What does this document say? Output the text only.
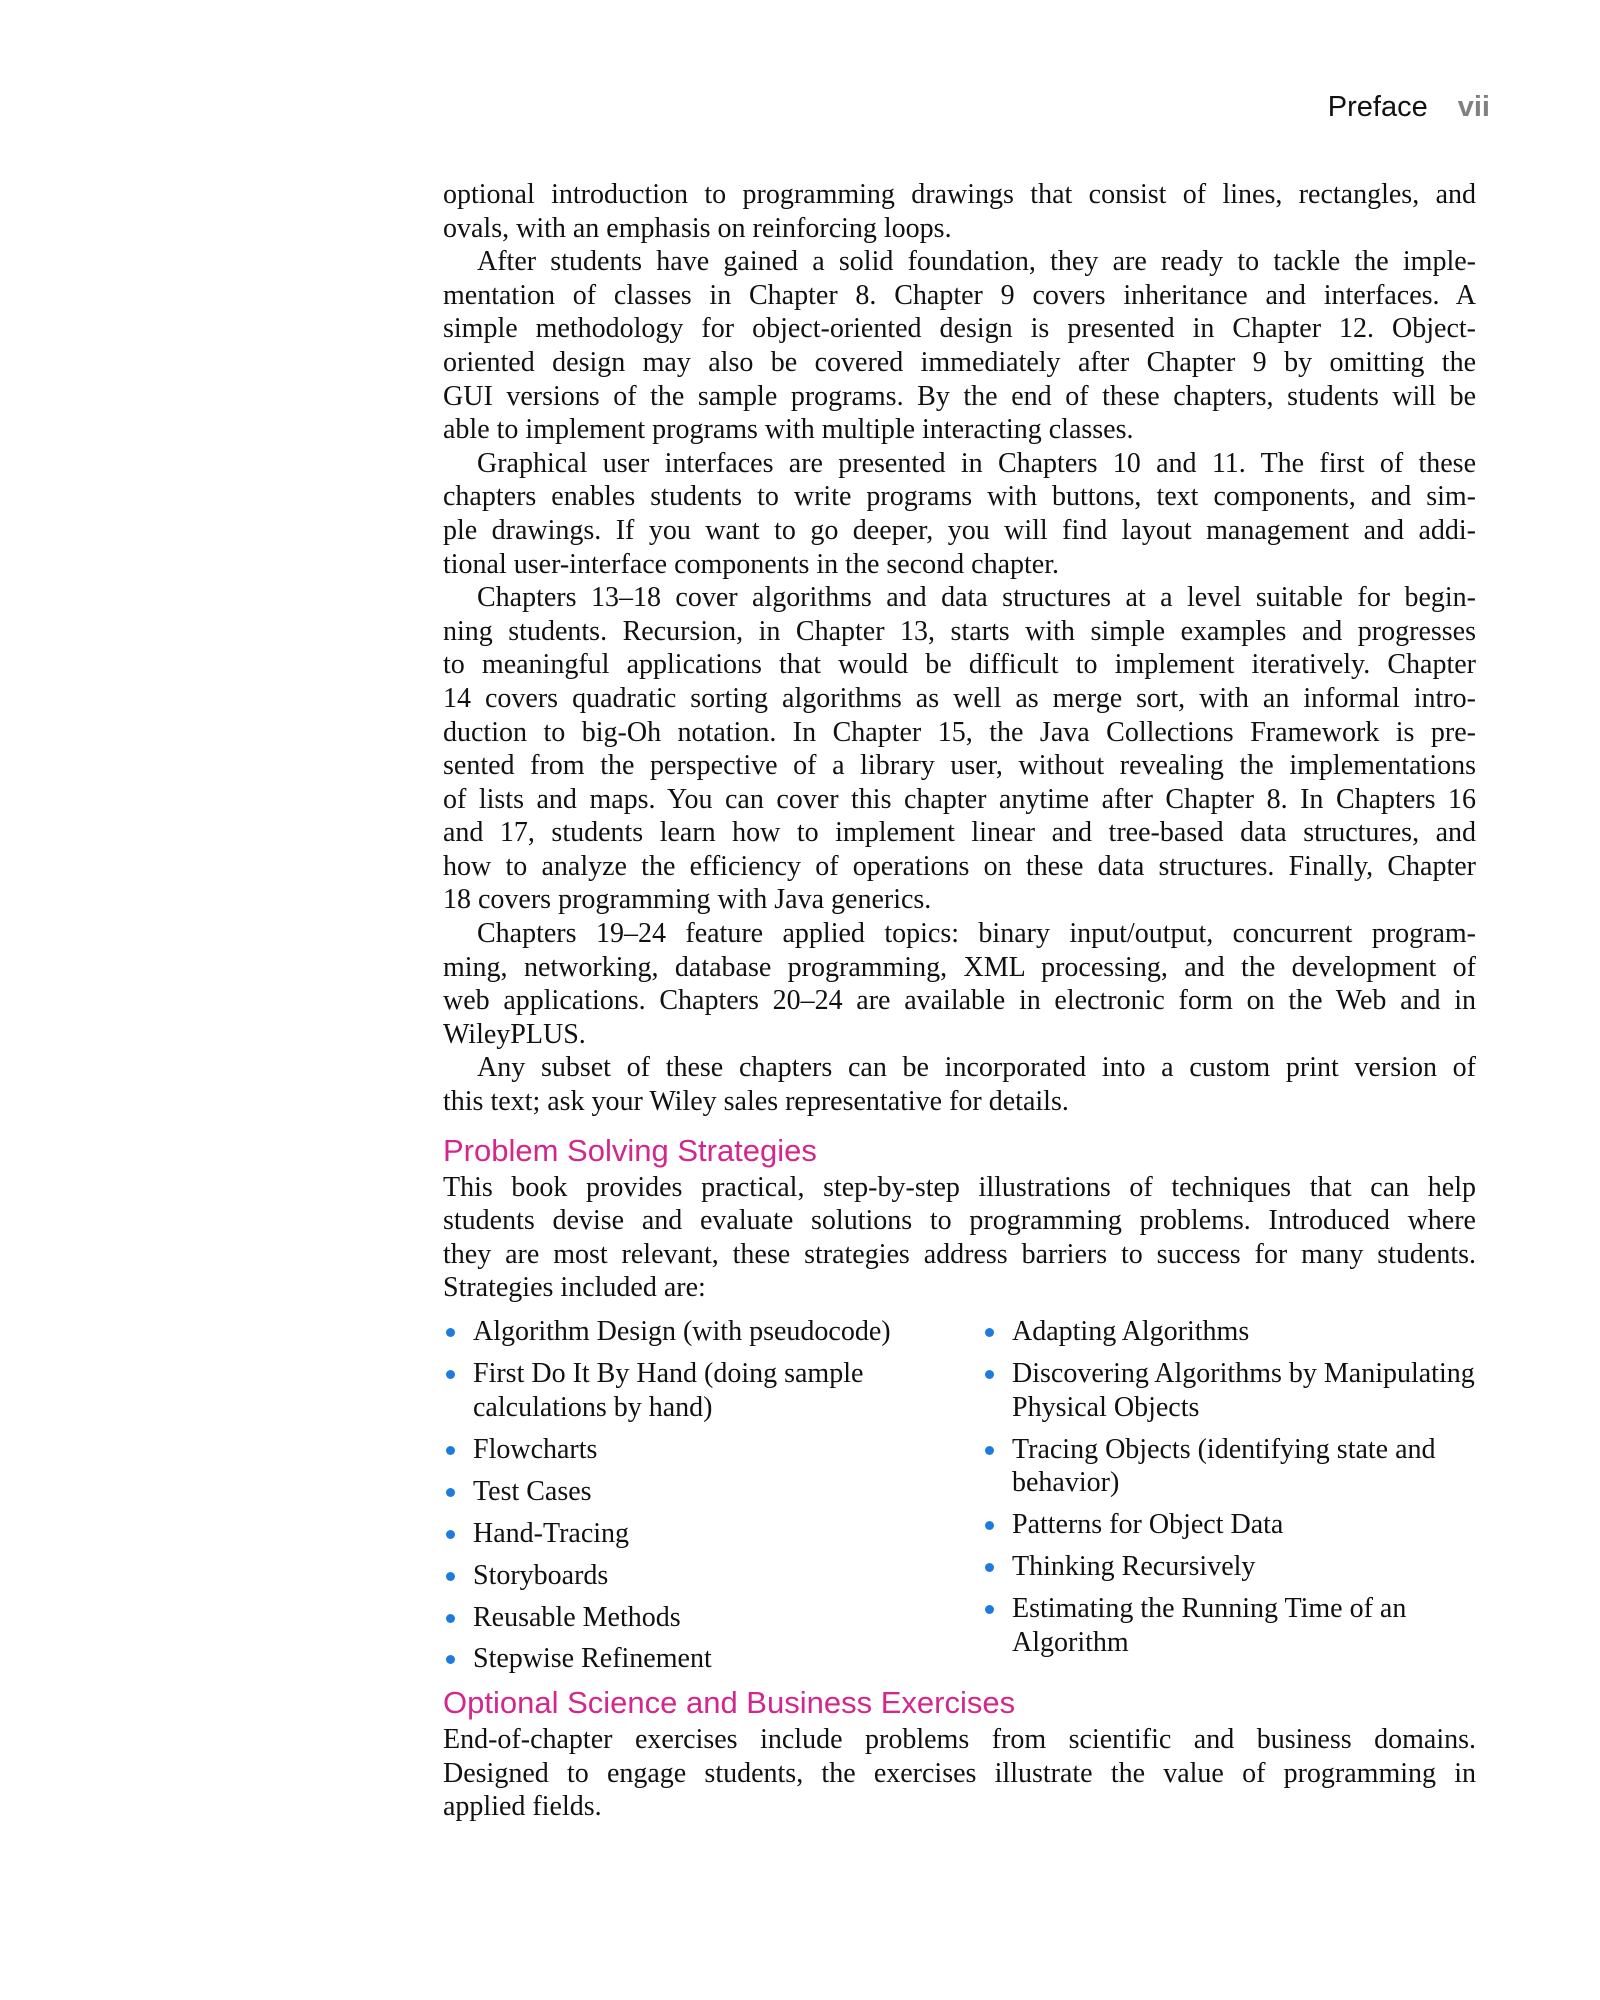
Preface vii

optional introduction to programming drawings that consist of lines, rectangles, and
ovals, with an emphasis on reinforcing loops.

After students have gained a solid foundation, they are ready to tackle the imple-
mentation of classes in Chapter 8. Chapter 9 covers inheritance and interfaces. A
simple methodology for object-oriented design is presented in Chapter 12. Object-
oriented design may also be covered immediately after Chapter 9 by omitting the
GUI versions of the sample programs. By the end of these chapters, students will be
able to implement programs with multiple interacting classes.

Graphical user interfaces are presented in Chapters 10 and 11. The first of these
chapters enables students to write programs with buttons, text components, and sim-
ple drawings. If you want to go deeper, you will find layout management and addi-
tional user-interface components in the second chapter.

Chapters 13–18 cover algorithms and data structures at a level suitable for begin-
ning students. Recursion, in Chapter 13, starts with simple examples and progresses
to meaningful applications that would be difficult to implement iteratively. Chapter
14 covers quadratic sorting algorithms as well as merge sort, with an informal intro-
duction to big-Oh notation. In Chapter 15, the Java Collections Framework is pre-
sented from the perspective of a library user, without revealing the implementations
of lists and maps. You can cover this chapter anytime after Chapter 8. In Chapters 16
and 17, students learn how to implement linear and tree-based data structures, and
how to analyze the efficiency of operations on these data structures. Finally, Chapter
18 covers programming with Java generics.

Chapters 19–24 feature applied topics: binary input/output, concurrent program-
ming, networking, database programming, XML processing, and the development of
web applications. Chapters 20–24 are available in electronic form on the Web and in
WileyPLUS.

Any subset of these chapters can be incorporated into a custom print version of
this text; ask your Wiley sales representative for details.

Problem Solving Strategies

This book provides practical, step-by-step illustrations of techniques that can help
students devise and evaluate solutions to programming problems. Introduced where
they are most relevant, these strategies address barriers to success for many students.
Strategies included are:

Algorithm Design (with pseudocode)
First Do It By Hand (doing sample calculations by hand)
Flowcharts
Test Cases
Hand-Tracing
Storyboards
Reusable Methods
Stepwise Refinement
Adapting Algorithms
Discovering Algorithms by Manipulating Physical Objects
Tracing Objects (identifying state and behavior)
Patterns for Object Data
Thinking Recursively
Estimating the Running Time of an Algorithm
Optional Science and Business Exercises

End-of-chapter exercises include problems from scientific and business domains.
Designed to engage students, the exercises illustrate the value of programming in
applied fields.
